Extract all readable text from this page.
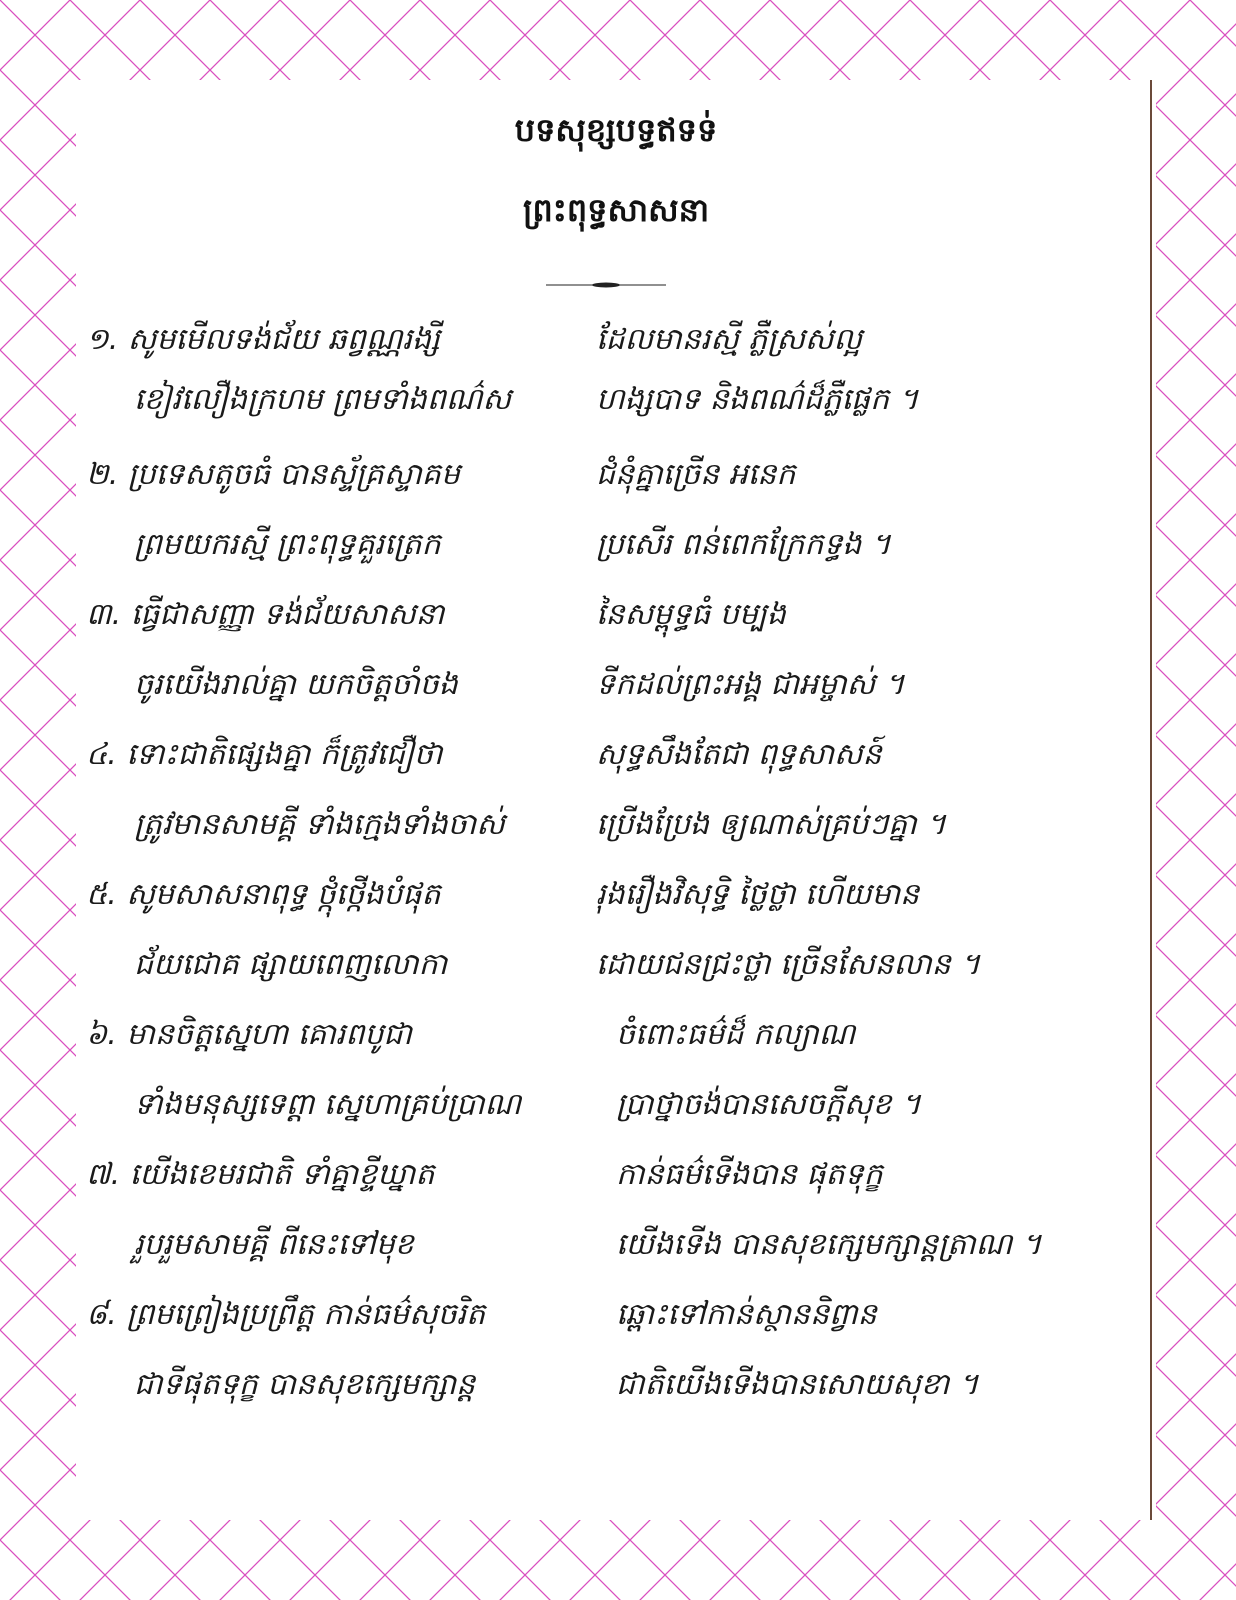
បទសុខ្សបទ្ធឥទទ់
ព្រះពុទ្ធសាសនា
១. សូមមើលទង់ជ័យ ឆព្វណ្ណរង្សី	ដែលមានរស្មី ភ្លឺស្រស់ល្អ
ខៀវលឿងក្រហម ព្រមទាំងពណ៌ស	ហង្សបាទ និងពណ៌ដ៏ភ្លឺផ្លេក ។
២. ប្រទេសតូចធំ បានស្ទ័គ្រស្ទាគម	ជំនុំគ្នាច្រើន អនេក
ព្រមយករស្មី ព្រះពុទ្ធគួរត្រេក	ប្រសើរ ពន់ពេកក្រែកទ្ធង ។
៣. ធ្វើជាសញ្ញា ទង់ជ័យសាសនា	នៃសម្ពុទ្ធធំ បម្បង
ចូរយើងរាល់គ្នា យកចិត្តចាំចង	ទីកដល់ព្រះអង្គ ជាអម្ចាស់ ។
៤. ទោះជាតិផ្សេងគ្នា ក៏ត្រូវជឿថា	សុទ្ធសឹងតែជា ពុទ្ធសាសន៍
ត្រូវមានសាមគ្គី ទាំងក្មេងទាំងចាស់	ប្រើងប្រែង ឲ្យណាស់គ្រប់ៗគ្នា ។
៥. សូមសាសនាពុទ្ធ ថ្កុំថ្កើងបំផុត	រុងរឿងវិសុទ្ធិ ថ្លៃថ្លា ហើយមាន
ជ័យជោគ ផ្សាយពេញលោកា	ដោយជនជ្រះថ្លា ច្រើនសែនលាន ។
៦. មានចិត្តស្នេហា គោរពបូជា	ចំពោះធម៌ដ៏ កល្យាណ
ទាំងមនុស្សទេព្តា ស្នេហាគ្រប់ប្រាណ	ប្រាថ្នាចង់បានសេចក្តីសុខ ។
៧. យើងខេមរជាតិ ទាំគ្នាខ្ទីឃ្នាត	កាន់ធម៌ទើងបាន ផុតទុក្ខ
រួបរួមសាមគ្គី ពីនេះទៅមុខ	យើងទើង បានសុខក្សេមក្សាន្តត្រាណ ។
៨. ព្រមព្រៀងប្រព្រឹត្ត កាន់ធម៌សុចរិត	ឆ្ពោះទៅកាន់ស្ថាននិព្វាន
ជាទីផុតទុក្ខ បានសុខក្សេមក្សាន្ត	ជាតិយើងទើងបានសោយសុខា ។
